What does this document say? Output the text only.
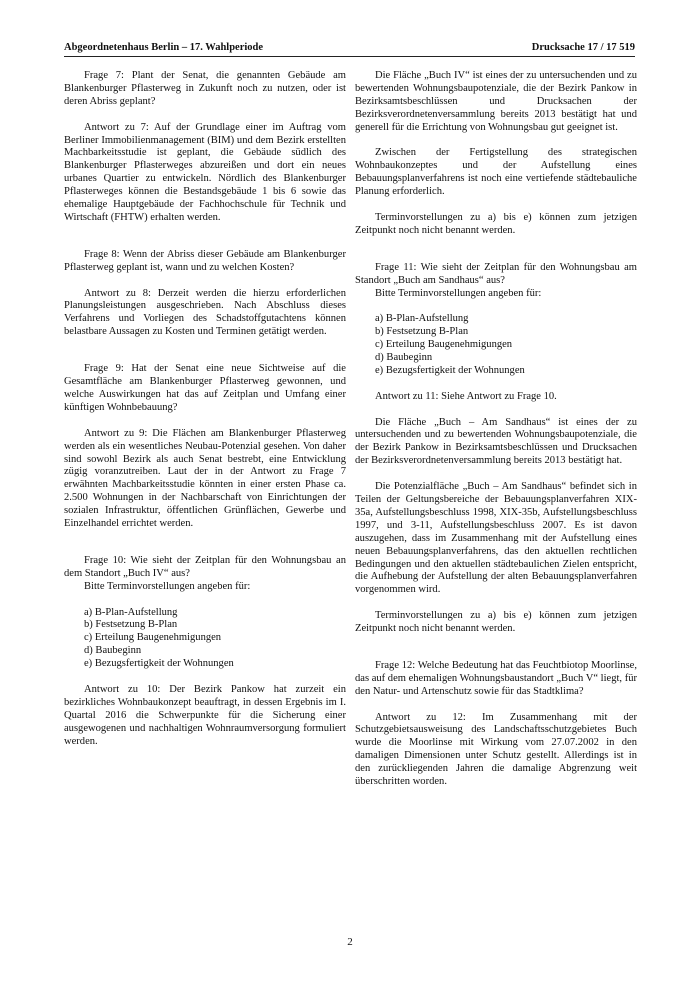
Abgeordnetenhaus Berlin – 17. Wahlperiode	Drucksache 17 / 17 519

Frage 7: Plant der Senat, die genannten Gebäude am Blankenburger Pflasterweg in Zukunft noch zu nutzen, oder ist deren Abriss geplant?

Antwort zu 7: Auf der Grundlage einer im Auftrag vom Berliner Immobilienmanagement (BIM) und dem Bezirk erstellten Machbarkeitsstudie ist geplant, die Gebäude südlich des Blankenburger Pflasterweges abzureißen und dort ein neues urbanes Quartier zu entwickeln. Nördlich des Blankenburger Pflasterweges können die Bestandsgebäude 1 bis 6 sowie das ehemalige Hauptgebäude der Fachhochschule für Technik und Wirtschaft (FHTW) erhalten werden.

Frage 8: Wenn der Abriss dieser Gebäude am Blankenburger Pflasterweg geplant ist, wann und zu welchen Kosten?

Antwort zu 8: Derzeit werden die hierzu erforderlichen Planungsleistungen ausgeschrieben. Nach Abschluss dieses Verfahrens und Vorliegen des Schadstoffgutachtens können belastbare Aussagen zu Kosten und Terminen getätigt werden.

Frage 9: Hat der Senat eine neue Sichtweise auf die Gesamtfläche am Blankenburger Pflasterweg gewonnen, und welche Auswirkungen hat das auf Zeitplan und Umfang einer künftigen Wohnbebauung?

Antwort zu 9: Die Flächen am Blankenburger Pflasterweg werden als ein wesentliches Neubau-Potenzial gesehen. Von daher sind sowohl Bezirk als auch Senat bestrebt, eine Entwicklung zügig voranzutreiben. Laut der in der Antwort zu Frage 7 erwähnten Machbarkeitsstudie könnten in einer ersten Phase ca. 2.500 Wohnungen in der Nachbarschaft von Einrichtungen der sozialen Infrastruktur, öffentlichen Grünflächen, Gewerbe und Einzelhandel errichtet werden.

Frage 10: Wie sieht der Zeitplan für den Wohnungsbau an dem Standort „Buch IV“ aus?

Bitte Terminvorstellungen angeben für:

a) B-Plan-Aufstellung
b) Festsetzung B-Plan
c) Erteilung Baugenehmigungen
d) Baubeginn
e) Bezugsfertigkeit der Wohnungen

Antwort zu 10: Der Bezirk Pankow hat zurzeit ein bezirkliches Wohnbaukonzept beauftragt, in dessen Ergebnis im I. Quartal 2016 die Schwerpunkte für die Sicherung einer ausgewogenen und nachhaltigen Wohnraumversorgung formuliert werden.

Die Fläche „Buch IV“ ist eines der zu untersuchenden und zu bewertenden Wohnungsbaupotenziale, die der Bezirk Pankow in Bezirksamtsbeschlüssen und Drucksachen der Bezirksverordnetenversammlung bereits 2013 bestätigt hat und generell für die Errichtung von Wohnungsbau gut geeignet ist.

Zwischen der Fertigstellung des strategischen Wohnbaukonzeptes und der Aufstellung eines Bebauungsplanverfahrens ist noch eine vertiefende städtebauliche Planung erforderlich.

Terminvorstellungen zu a) bis e) können zum jetzigen Zeitpunkt noch nicht benannt werden.

Frage 11: Wie sieht der Zeitplan für den Wohnungsbau am Standort „Buch am Sandhaus“ aus?

Bitte Terminvorstellungen angeben für:

a) B-Plan-Aufstellung
b) Festsetzung B-Plan
c) Erteilung Baugenehmigungen
d) Baubeginn
e) Bezugsfertigkeit der Wohnungen

Antwort zu 11: Siehe Antwort zu Frage 10.

Die Fläche „Buch – Am Sandhaus“ ist eines der zu untersuchenden und zu bewertenden Wohnungsbaupotenziale, die der Bezirk Pankow in Bezirksamtsbeschlüssen und Drucksachen der Bezirksverordnetenversammlung bereits 2013 bestätigt hat.

Die Potenzialfläche „Buch – Am Sandhaus“ befindet sich in Teilen der Geltungsbereiche der Bebauungsplanverfahren XIX-35a, Aufstellungsbeschluss 1998, XIX-35b, Aufstellungsbeschluss 1997, und 3-11, Aufstellungsbeschluss 2007. Es ist davon auszugehen, dass im Zusammenhang mit der Aufstellung eines neuen Bebauungsplanverfahrens, das den aktuellen rechtlichen Bedingungen und den aktuellen städtebaulichen Zielen entspricht, die Aufhebung der Aufstellung der alten Bebauungsplanverfahren vorgenommen wird.

Terminvorstellungen zu a) bis e) können zum jetzigen Zeitpunkt noch nicht benannt werden.

Frage 12: Welche Bedeutung hat das Feuchtbiotop Moorlinse, das auf dem ehemaligen Wohnungsbaustandort „Buch V“ liegt, für den Natur- und Artenschutz sowie für das Stadtklima?

Antwort zu 12: Im Zusammenhang mit der Schutzgebietsausweisung des Landschaftsschutzgebietes Buch wurde die Moorlinse mit Wirkung vom 27.07.2002 in den damaligen Dimensionen unter Schutz gestellt. Allerdings ist in den zurückliegenden Jahren die damalige Abgrenzung weit überschritten worden.

2
